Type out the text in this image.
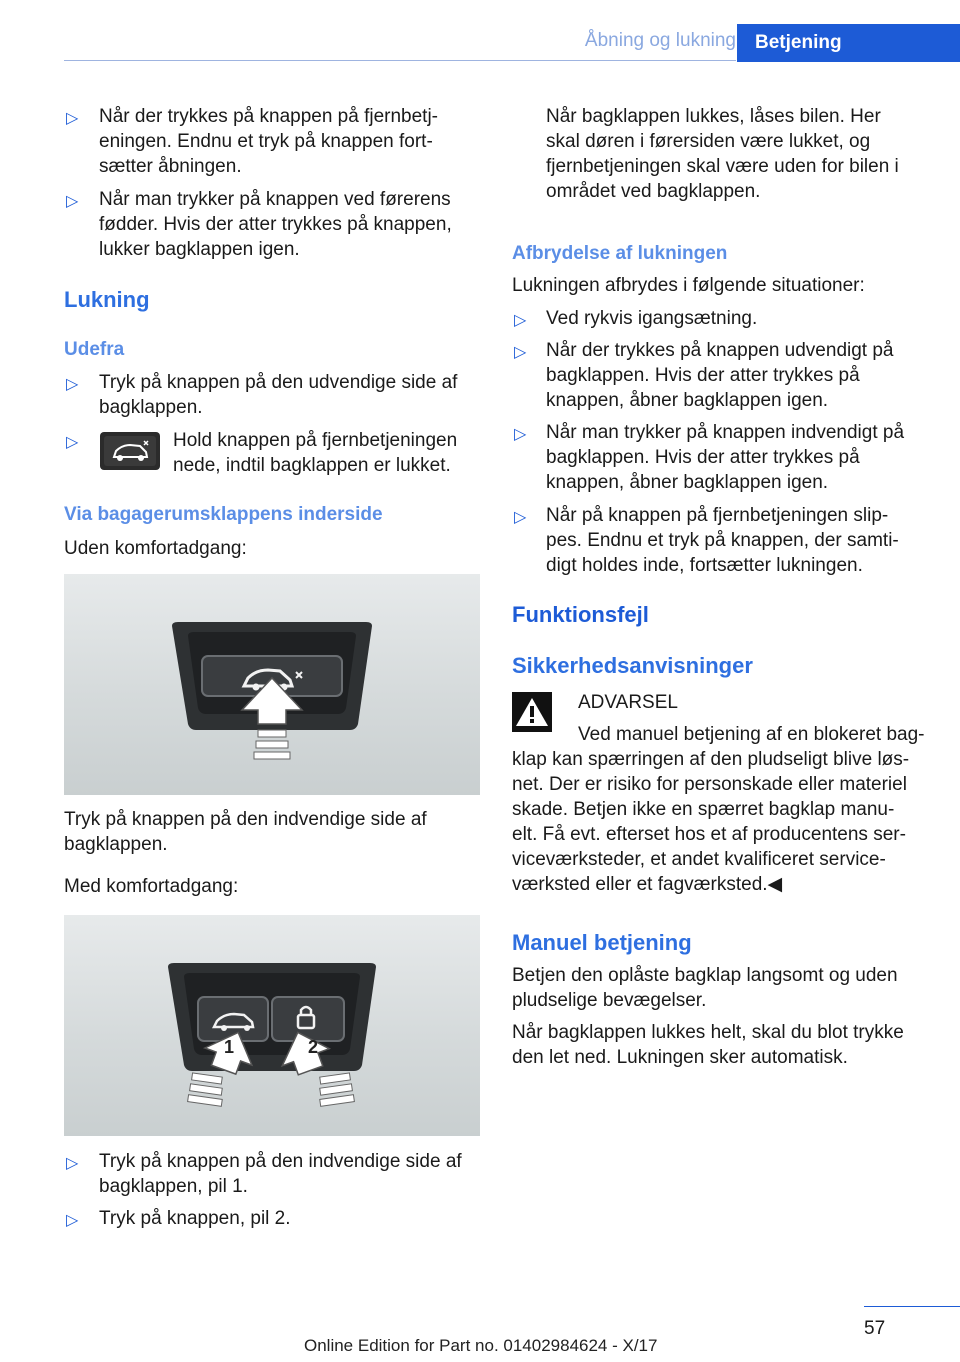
Åbning og lukning	Betjening
▷ Når der trykkes på knappen på fjernbetj‐
eningen. Endnu et tryk på knappen fort‐
sætter åbningen.

▷ Når man trykker på knappen ved førerens
fødder. Hvis der atter trykkes på knappen,
lukker bagklappen igen.

Lukning
Udefra
▷ Tryk på knappen på den udvendige side af
bagklappen.

▷	Hold knappen på fjernbetjeningen
nede, indtil bagklappen er lukket.

Via bagagerumsklappens inderside

Uden komfortadgang:

Tryk på knappen på den indvendige side af
bagklappen.

Med komfortadgang:

1	2
▷ Tryk på knappen på den indvendige side af
bagklappen, pil 1.

▷ Tryk på knappen, pil 2.

Når bagklappen lukkes, låses bilen. Her
skal døren i førersiden være lukket, og
fjernbetjeningen skal være uden for bilen i
området ved bagklappen.

Afbrydelse af lukningen

Lukningen afbrydes i følgende situationer:

▷ Ved rykvis igangsætning.

▷ Når der trykkes på knappen udvendigt på
bagklappen. Hvis der atter trykkes på
knappen, åbner bagklappen igen.

▷ Når man trykker på knappen indvendigt på
bagklappen. Hvis der atter trykkes på
knappen, åbner bagklappen igen.

▷ Når på knappen på fjernbetjeningen slip‐
pes. Endnu et tryk på knappen, der samti‐
digt holdes inde, fortsætter lukningen.

Funktionsfejl
Sikkerhedsanvisninger

ADVARSEL

Ved manuel betjening af en blokeret bag‐

klap kan spærringen af den pludseligt blive løs‐
net. Der er risiko for personskade eller materiel
skade. Betjen ikke en spærret bagklap manu‐
elt. Få evt. efterset hos et af producentens ser‐
viceværksteder, et andet kvalificeret service‐
værksted eller et fagværksted.◀

Manuel betjening

Betjen den oplåste bagklap langsomt og uden
pludselige bevægelser.

Når bagklappen lukkes helt, skal du blot trykke
den let ned. Lukningen sker automatisk.

57
Online Edition for Part no. 01402984624 - X/17
